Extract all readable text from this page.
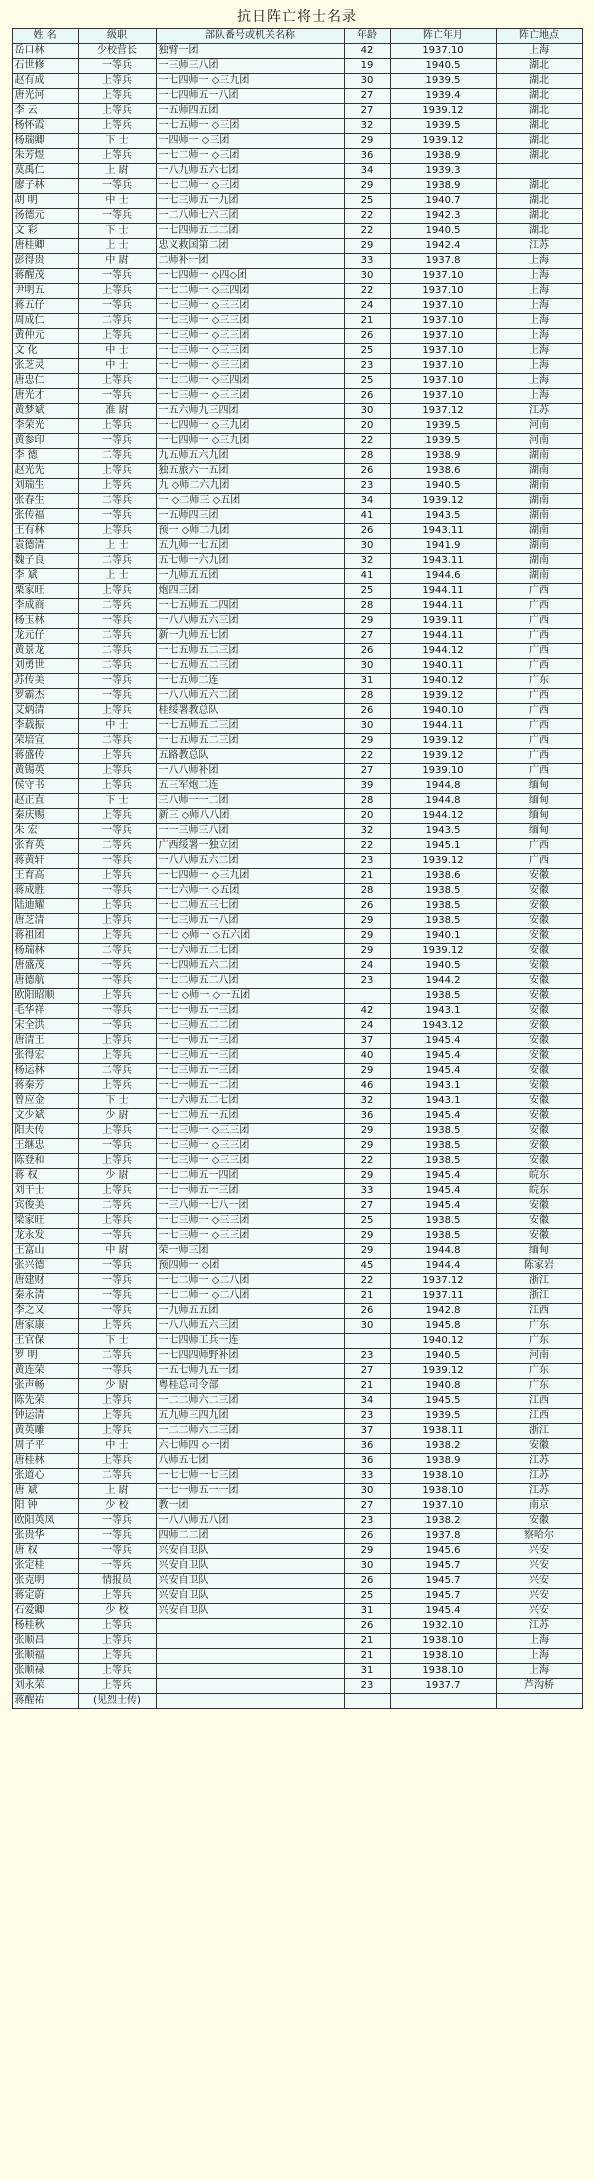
抗日阵亡将士名录
姓 名	级职	部队番号或机关名称	年龄	阵亡年月	阵亡地点
岳口林	少校营长	独臂一团	42	1937.10	上海
石世修	一等兵	一三师三八团	19	1940.5	湖北
赵有成	上等兵	一七四师一 ◇三九团	30	1939.5	湖北
唐光河	上等兵	一七四师五一八团	27	1939.4	湖北
李 云	上等兵	一五师四五团	27	1939.12	湖北
杨怀霞	上等兵	一七五师一 ◇三团	32	1939.5	湖北
杨瑞卿	下 士	一四师一 ◇三团	29	1939.12	湖北
朱芳煜	上等兵	一七二师一 ◇三团	36	1938.9	湖北
莫禹仁	上 尉	一八九师五六七团	34	1939.3	
廖子林	一等兵	一七二师一 ◇三团	29	1938.9	湖北
胡 明	中 士	一七三师五一九团	25	1940.7	湖北
汤德元	一等兵	一二八师七六三团	22	1942.3	湖北
文 彩	下 士	一七四师五二二团	22	1940.5	湖北
唐桂卿	上 士	忠义救国第二团	29	1942.4	江苏
彭得贵	中 尉	二师补一团	33	1937.8	上海
蒋醒茂	一等兵	一七四师一 ◇四◇团	30	1937.10	上海
尹明五	上等兵	一七二师一 ◇三四团	22	1937.10	上海
蒋五仔	一等兵	一七三师一 ◇三三团	24	1937.10	上海
周成仁	二等兵	一七三师一 ◇三三团	21	1937.10	上海
黄仲元	上等兵	一七三师一 ◇三三团	26	1937.10	上海
文 化	中 士	一七三师一 ◇三三团	25	1937.10	上海
张芝灵	中 士	一七一师一 ◇三三团	23	1937.10	上海
唐忠仁	上等兵	一七二师一 ◇三四团	25	1937.10	上海
唐光才	一等兵	一七三师一 ◇三三团	26	1937.10	上海
黄梦斌	准 尉	一五六师九三四团	30	1937.12	江苏
李荣光	上等兵	一七四师一 ◇三九团	20	1939.5	河南
黄参印	一等兵	一七四师一 ◇三九团	22	1939.5	河南
李 德	二等兵	九五师五六九团	28	1938.9	湖南
赵光先	上等兵	独五旅六一五团	26	1938.6	湖南
刘瑞生	上等兵	九 ◇师二六九团	23	1940.5	湖南
张春生	二等兵	一 ◇二师三 ◇五团	34	1939.12	湖南
张传福	一等兵	一五师四三团	41	1943.5	湖南
王有林	上等兵	预一 ◇师二九团	26	1943.11	湖南
袁德清	上 士	五九师一七五团	30	1941.9	湖南
魏子良	二等兵	五七师一六九团	32	1943.11	湖南
李 斌	上 士	一九师五五团	41	1944.6	湖南
栗家旺	上等兵	炮四三团	25	1944.11	广西
李成商	二等兵	一七五师五二四团	28	1944.11	广西
杨玉林	一等兵	一八八师五六三团	29	1939.11	广西
龙元仔	二等兵	新一九师五七团	27	1944.11	广西
黄景龙	二等兵	一七五师五二三团	26	1944.12	广西
刘勇世	二等兵	一七五师五二三团	30	1940.11	广西
苏传美	一等兵	一七五师二连	31	1940.12	广东
罗霸杰	一等兵	一八八师五六二团	28	1939.12	广西
艾炳清	上等兵	桂绥署教总队	26	1940.10	广西
李载振	中 士	一七五师五二三团	30	1944.11	广西
荣培宣	二等兵	一七五师五二三团	29	1939.12	广西
蒋盛传	上等兵	五路教总队	22	1939.12	广西
黄锡英	上等兵	一八八师补团	27	1939.10	广西
侯守书	上等兵	五三军炮二连	39	1944.8	缅甸
赵正直	下 士	三八师一一二团	28	1944.8	缅甸
秦庆赐	上等兵	新三 ◇师八八团	20	1944.12	缅甸
朱 宏	一等兵	一一三师三八团	32	1943.5	缅甸
张育英	二等兵	广西绥署一独立团	22	1945.1	广西
蒋黄轩	一等兵	一八八师五六二团	23	1939.12	广西
王育高	上等兵	一七四师一 ◇三九团	21	1938.6	安徽
蒋成胜	一等兵	一七六师一 ◇五团	28	1938.5	安徽
陆迪耀	上等兵	一七二师五三七团	26	1938.5	安徽
唐芝清	上等兵	一七三师五一八团	29	1938.5	安徽
蒋祖团	上等兵	一七 ◇师一 ◇五六团	29	1940.1	安徽
杨瑞林	二等兵	一七六师五二七团	29	1939.12	安徽
唐盛茂	一等兵	一七四师五六二团	24	1940.5	安徽
唐德航	一等兵	一七二师五二八团	23	1944.2	安徽
欧阳昭顺	上等兵	一七 ◇师一 ◇一五团		1938.5	安徽
毛华祥	一等兵	一七一师五一三团	42	1943.1	安徽
宋全洪	一等兵	一七三师五二二团	24	1943.12	安徽
唐清王	上等兵	一七一师五一三团	37	1945.4	安徽
张得宏	上等兵	一七三师五一三团	40	1945.4	安徽
杨运林	二等兵	一七三师五一三团	29	1945.4	安徽
蒋秦芳	上等兵	一七一师五一二团	46	1943.1	安徽
曾应金	下 士	一七六师五二七团	32	1943.1	安徽
文少斌	少 尉	一七二师五一五团	36	1945.4	安徽
阳夫传	上等兵	一七三师一 ◇三三团	29	1938.5	安徽
王继忠	一等兵	一七三师一 ◇三三团	29	1938.5	安徽
陈登和	上等兵	一七三师一 ◇三三团	22	1938.5	安徽
蒋 权	少 尉	一七二师五一四团	29	1945.4	皖东
刘干士	上等兵	一七一师五一三团	33	1945.4	皖东
宾俊美	二等兵	一三八师一七八一团	27	1945.4	安徽
梁家旺	上等兵	一七三师一 ◇三三团	25	1938.5	安徽
龙永发	一等兵	一七三师一 ◇三三团	29	1938.5	安徽
王富山	中 尉	荣一师三团	29	1944.8	缅甸
张兴德	一等兵	预四师一 ◇团	45	1944.4	陈家岩
唐建财	一等兵	一七二师一 ◇二八团	22	1937.12	浙江
秦永清	一等兵	一七二师一 ◇二八团	21	1937.11	浙江
李之又	一等兵	一九师五五团	26	1942.8	江西
唐家康	上等兵	一八八师五六三团	30	1945.8	广东
王官保	下 士	一七四师工兵一连		1940.12	广东
罗 明	二等兵	一七四四师野补团	23	1940.5	河南
黄连荣	一等兵	一五七师九五一团	27	1939.12	广东
张声畅	少 尉	粤桂总司令部	21	1940.8	广东
陈先荣	上等兵	一二二师六二三团	34	1945.5	江西
钟运清	上等兵	五九师三四九团	23	1939.5	江西
黄英雕	上等兵	一二二师六二三团	37	1938.11	浙江
周子平	中 士	六七师四 ◇一团	36	1938.2	安徽
唐桂林	上等兵	八师五七团	36	1938.9	江苏
张道心	二等兵	一七七师一七三团	33	1938.10	江苏
唐 斌	上 尉	一七一师五一一团	30	1938.10	江苏
阳 钟	少 校	教一团	27	1937.10	南京
欧阳英凤	一等兵	一八八师五八团	23	1938.2	安徽
张贵华	一等兵	四师二二团	26	1937.8	察哈尔
唐 权	一等兵	兴安自卫队	29	1945.6	兴安
张定桂	一等兵	兴安自卫队	30	1945.7	兴安
张克明	情报员	兴安自卫队	26	1945.7	兴安
蒋定蔚	上等兵	兴安自卫队	25	1945.7	兴安
石爱卿	少 校	兴安自卫队	31	1945.4	兴安
杨桂秋	上等兵		26	1932.10	江苏
张顺昌	上等兵		21	1938.10	上海
张顺福	上等兵		21	1938.10	上海
张顺禄	上等兵		31	1938.10	上海
刘永荣	上等兵		23	1937.7	芦沟桥
蒋醒祐	(见烈士传)				
